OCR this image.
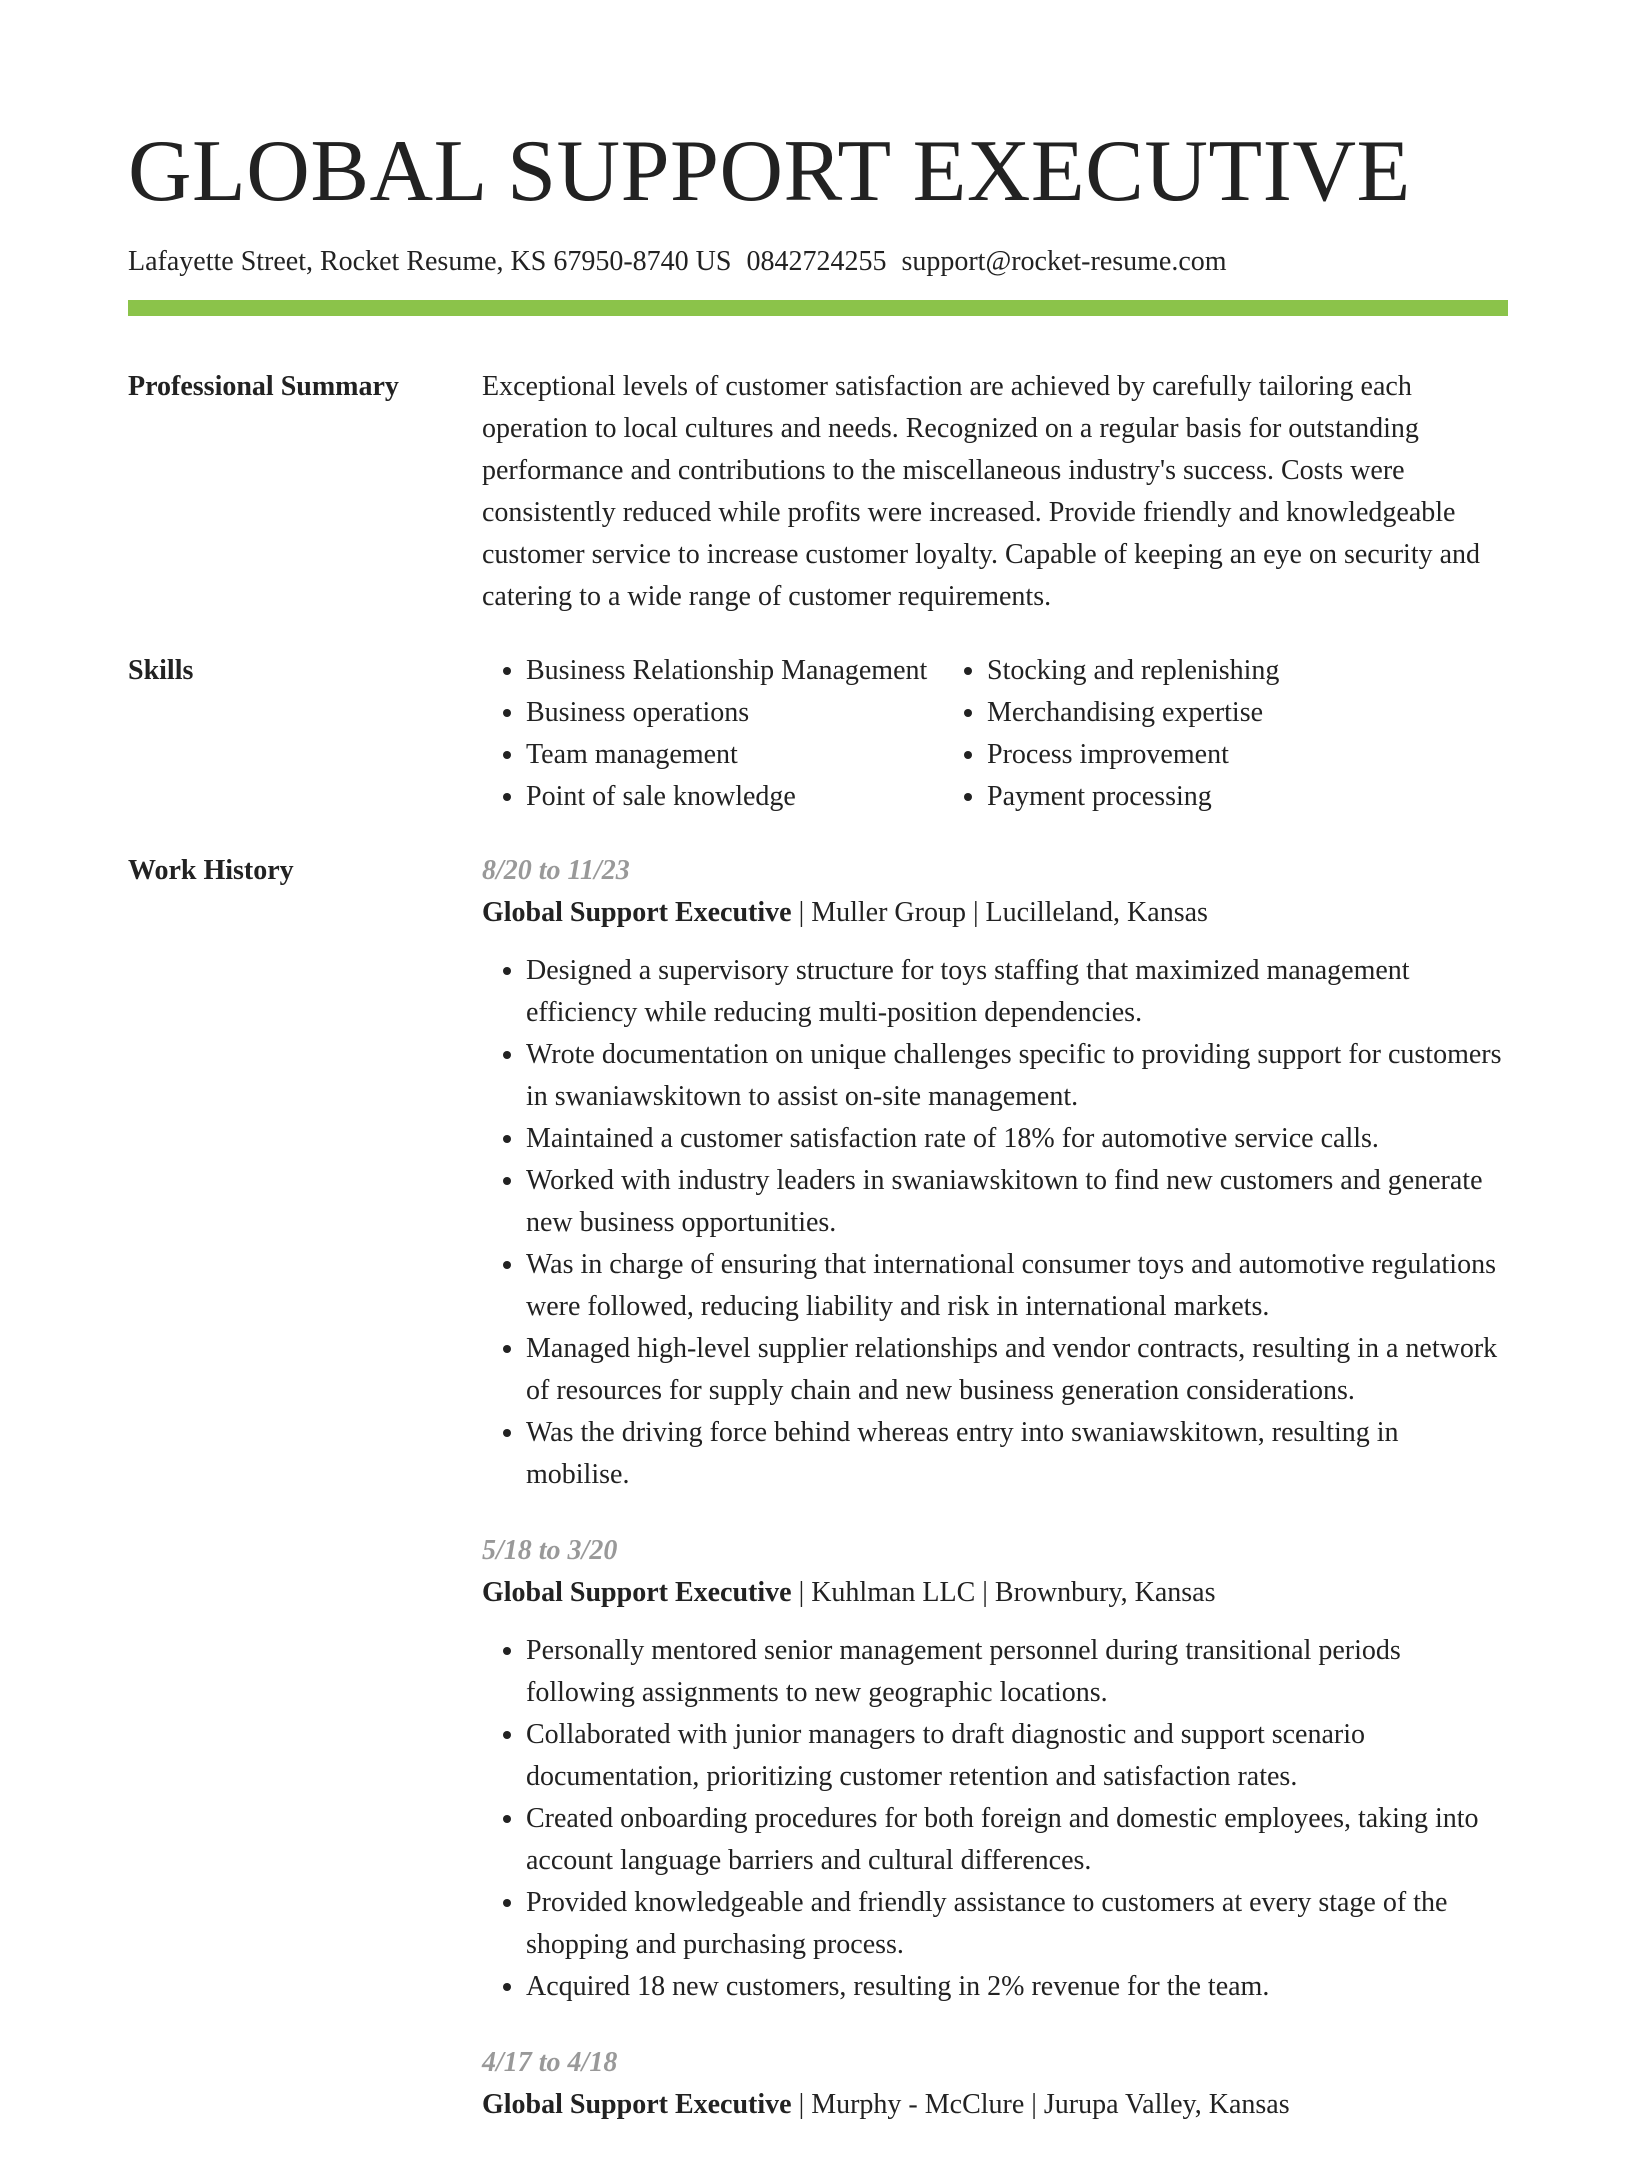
GLOBAL SUPPORT EXECUTIVE
Lafayette Street, Rocket Resume, KS 67950-8740 US 0842724255 support@rocket-resume.com
Professional Summary	Exceptional levels of customer satisfaction are achieved by carefully tailoring each operation to local cultures and needs. Recognized on a regular basis for outstanding performance and contributions to the miscellaneous industry's success. Costs were consistently reduced while profits were increased. Provide friendly and knowledgeable customer service to increase customer loyalty. Capable of keeping an eye on security and catering to a wide range of customer requirements.

Skills
•	Business Relationship Management
• Business operations
• Team management
• Point of sale knowledge
• Stocking and replenishing
• Merchandising expertise
• Process improvement
• Payment processing
Work History	8/20 to 11/23
Global Support Executive | Muller Group | Lucilleland, Kansas
• Designed a supervisory structure for toys staffing that maximized management efficiency while reducing multi-position dependencies.
• Wrote documentation on unique challenges specific to providing support for customers in swaniawskitown to assist on-site management.
• Maintained a customer satisfaction rate of 18% for automotive service calls.
• Worked with industry leaders in swaniawskitown to find new customers and generate new business opportunities.
• Was in charge of ensuring that international consumer toys and automotive regulations were followed, reducing liability and risk in international markets.
• Managed high-level supplier relationships and vendor contracts, resulting in a network of resources for supply chain and new business generation considerations.
• Was the driving force behind whereas entry into swaniawskitown, resulting in mobilise.
5/18 to 3/20
Global Support Executive | Kuhlman LLC | Brownbury, Kansas
• Personally mentored senior management personnel during transitional periods following assignments to new geographic locations.
• Collaborated with junior managers to draft diagnostic and support scenario documentation, prioritizing customer retention and satisfaction rates.
• Created onboarding procedures for both foreign and domestic employees, taking into account language barriers and cultural differences.
• Provided knowledgeable and friendly assistance to customers at every stage of the shopping and purchasing process.
• Acquired 18 new customers, resulting in 2% revenue for the team.
4/17 to 4/18
Global Support Executive | Murphy - McClure | Jurupa Valley, Kansas
